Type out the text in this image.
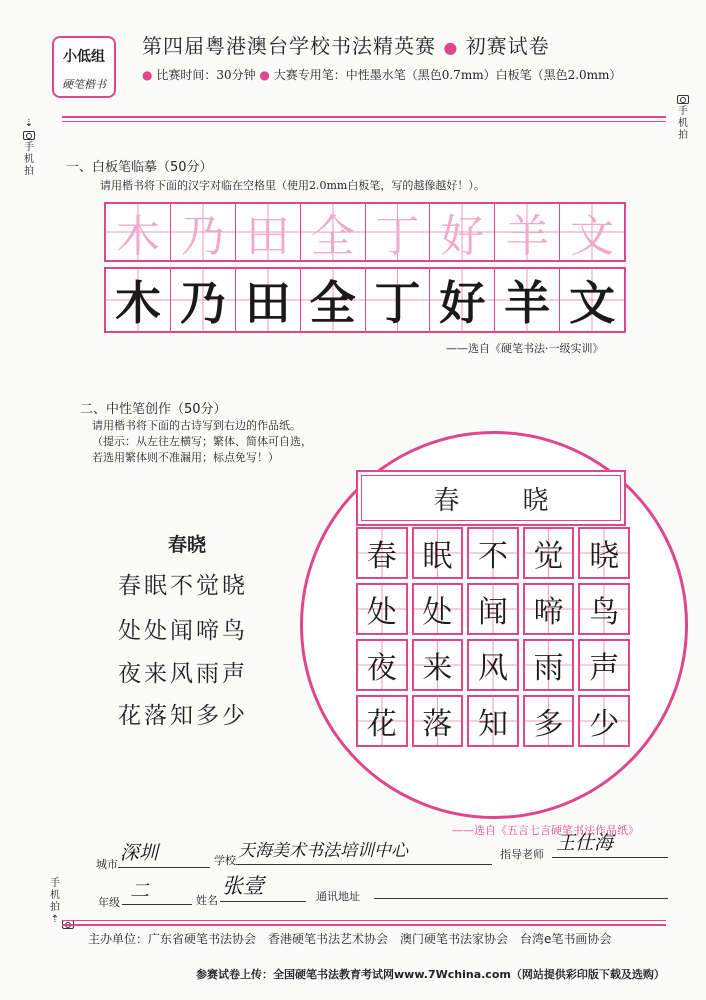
小低组
硬笔楷书
第四届粤港澳台学校书法精英赛 ● 初赛试卷
● 比赛时间：30分钟 ● 大赛专用笔：中性墨水笔（黑色0.7mm）白板笔（黑色2.0mm）
⇣
手机拍
手机拍
一、白板笔临摹（50分）
请用楷书将下面的汉字对临在空格里（使用2.0mm白板笔，写的越像越好！）。
木 乃 田 全 丁 好 羊 文
木 乃 田 全 丁 好 羊 文
——选自《硬笔书法·一级实训》
二、中性笔创作（50分）
请用楷书将下面的古诗写到右边的作品纸。
（提示：从左往左横写；繁体、简体可自选，
若选用繁体则不准漏用；标点免写！）
春晓
春眠不觉晓
处处闻啼鸟
夜来风雨声
花落知多少
春 晓
春 眠 不 觉 晓
处 处 闻 啼 鸟
夜 来 风 雨 声
花 落 知 多 少
——选自《五言七言硬笔书法作品纸》
城市
深圳	学校 天海美术书法培训中心	指导老师
王仕海
年级
二	姓名
张壹	通讯地址
手机拍
⇡
主办单位：广东省硬笔书法协会　香港硬笔书法艺术协会　澳门硬笔书法家协会　台湾e笔书画协会
参赛试卷上传：全国硬笔书法教育考试网www.7Wchina.com（网站提供彩印版下载及选购）
